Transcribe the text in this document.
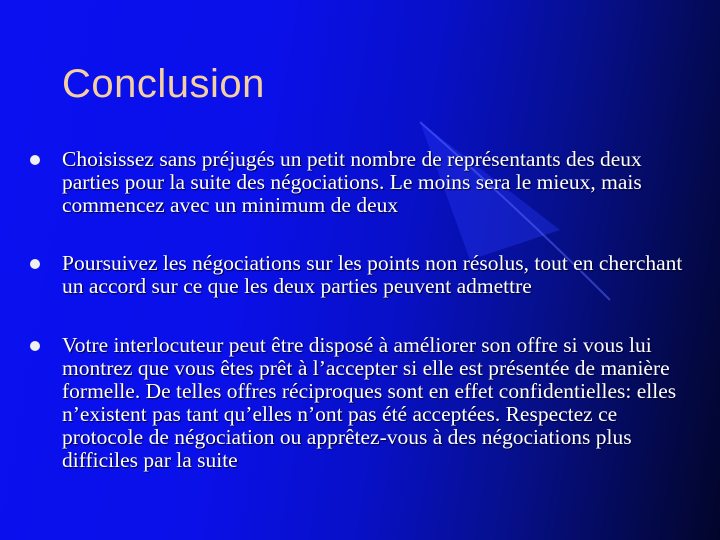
Conclusion
Choisissez sans préjugés un petit nombre de représentants des deux parties pour la suite des négociations. Le moins sera le mieux, mais commencez avec un minimum de deux
Poursuivez les négociations sur les points non résolus, tout en cherchant un accord sur ce que les deux parties peuvent admettre
Votre interlocuteur peut être disposé à améliorer son offre si vous lui montrez que vous êtes prêt à l’accepter si elle est présentée de manière formelle. De telles offres réciproques sont en effet confidentielles: elles n’existent pas tant qu’elles n’ont pas été acceptées. Respectez ce protocole de négociation ou apprêtez-vous à des négociations plus difficiles par la suite
